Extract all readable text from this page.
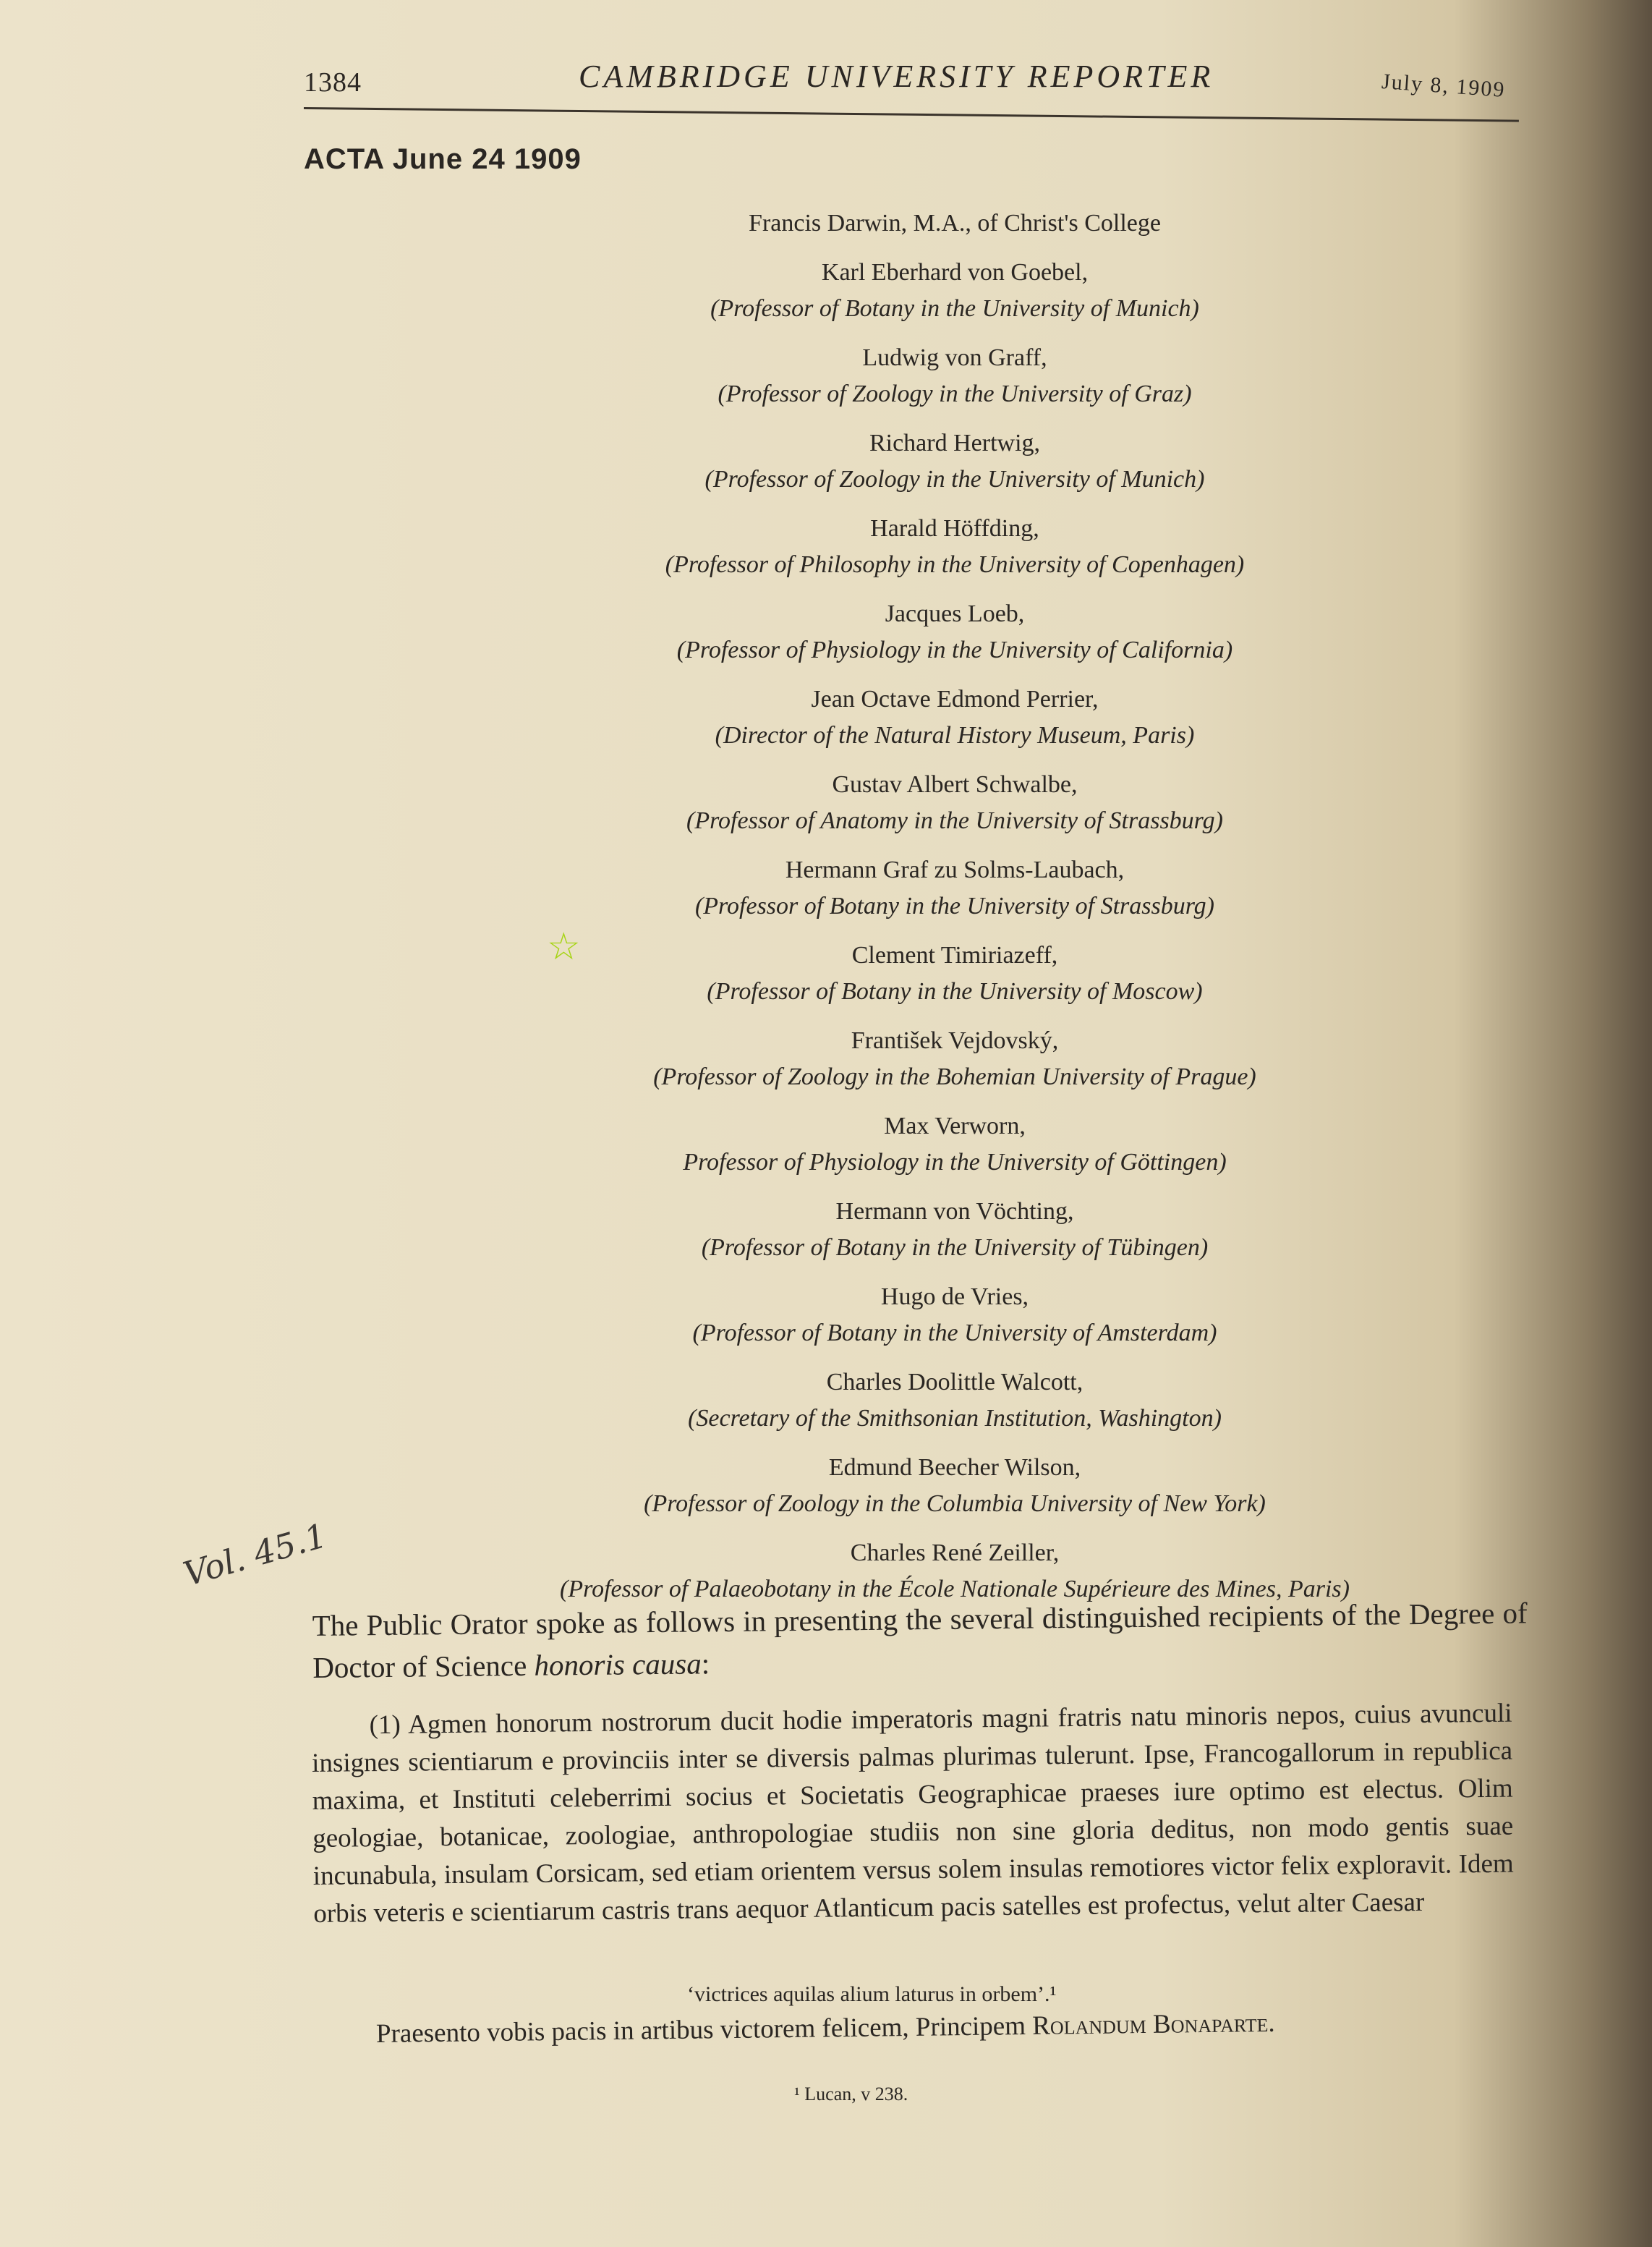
1384	CAMBRIDGE UNIVERSITY REPORTER	July 8, 1909
ACTA June 24 1909
Francis Darwin, M.A., of Christ's College
Karl Eberhard von Goebel,
(Professor of Botany in the University of Munich)
Ludwig von Graff,
(Professor of Zoology in the University of Graz)
Richard Hertwig,
(Professor of Zoology in the University of Munich)
Harald Höffding,
(Professor of Philosophy in the University of Copenhagen)
Jacques Loeb,
(Professor of Physiology in the University of California)
Jean Octave Edmond Perrier,
(Director of the Natural History Museum, Paris)
Gustav Albert Schwalbe,
(Professor of Anatomy in the University of Strassburg)
Hermann Graf zu Solms-Laubach,
(Professor of Botany in the University of Strassburg)
Clement Timiriazeff,
(Professor of Botany in the University of Moscow)
František Vejdovský,
(Professor of Zoology in the Bohemian University of Prague)
Max Verworn,
Professor of Physiology in the University of Göttingen)
Hermann von Vöchting,
(Professor of Botany in the University of Tübingen)
Hugo de Vries,
(Professor of Botany in the University of Amsterdam)
Charles Doolittle Walcott,
(Secretary of the Smithsonian Institution, Washington)
Edmund Beecher Wilson,
(Professor of Zoology in the Columbia University of New York)
Charles René Zeiller,
(Professor of Palaeobotany in the École Nationale Supérieure des Mines, Paris)
☆
Vol. 45.1
The Public Orator spoke as follows in presenting the several distinguished recipients of the Degree of Doctor of Science honoris causa:
(1) Agmen honorum nostrorum ducit hodie imperatoris magni fratris natu minoris nepos, cuius avunculi insignes scientiarum e provinciis inter se diversis palmas plurimas tulerunt. Ipse, Francogallorum in republica maxima, et Instituti celeberrimi socius et Societatis Geographicae praeses iure optimo est electus. Olim geologiae, botanicae, zoologiae, anthropologiae studiis non sine gloria deditus, non modo gentis suae incunabula, insulam Corsicam, sed etiam orientem versus solem insulas remotiores victor felix exploravit. Idem orbis veteris e scientiarum castris trans aequor Atlanticum pacis satelles est profectus, velut alter Caesar
‘victrices aquilas alium laturus in orbem’.¹
Praesento vobis pacis in artibus victorem felicem, Principem Rolandum Bonaparte.
¹ Lucan, v 238.
